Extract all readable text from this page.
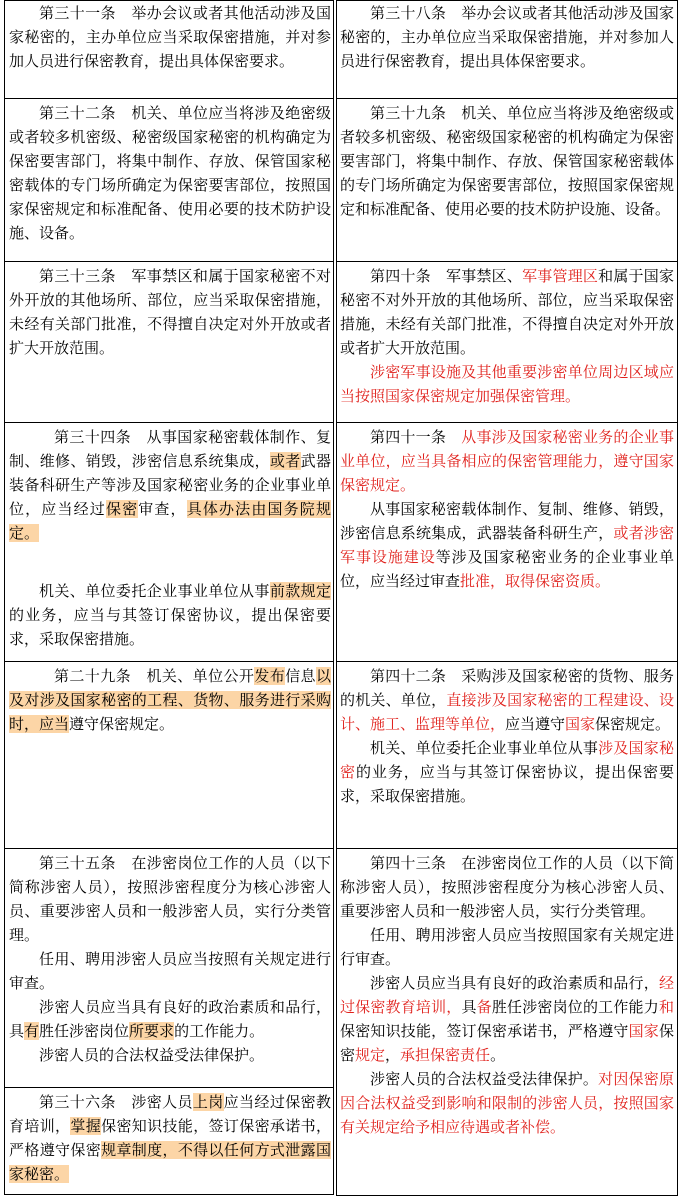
第三十一条　举办会议或者其他活动涉及国家秘密的，主办单位应当采取保密措施，并对参加人员进行保密教育，提出具体保密要求。

第三十二条　机关、单位应当将涉及绝密级或者较多机密级、秘密级国家秘密的机构确定为保密要害部门，将集中制作、存放、保管国家秘密载体的专门场所确定为保密要害部位，按照国家保密规定和标准配备、使用必要的技术防护设施、设备。

第三十三条　军事禁区和属于国家秘密不对外开放的其他场所、部位，应当采取保密措施，未经有关部门批准，不得擅自决定对外开放或者扩大开放范围。

第三十四条　从事国家秘密载体制作、复制、维修、销毁，涉密信息系统集成，或者武器装备科研生产等涉及国家秘密业务的企业事业单位，应当经过保密审查，具体办法由国务院规定。

机关、单位委托企业事业单位从事前款规定的业务，应当与其签订保密协议，提出保密要求，采取保密措施。

第二十九条　机关、单位公开发布信息以及对涉及国家秘密的工程、货物、服务进行采购时，应当遵守保密规定。

第三十五条　在涉密岗位工作的人员（以下简称涉密人员），按照涉密程度分为核心涉密人员、重要涉密人员和一般涉密人员，实行分类管理。

任用、聘用涉密人员应当按照有关规定进行审查。

涉密人员应当具有良好的政治素质和品行，具有胜任涉密岗位所要求的工作能力。

涉密人员的合法权益受法律保护。

第三十六条　涉密人员上岗应当经过保密教育培训，掌握保密知识技能，签订保密承诺书，严格遵守保密规章制度，不得以任何方式泄露国家秘密。

第三十八条　举办会议或者其他活动涉及国家秘密的，主办单位应当采取保密措施，并对参加人员进行保密教育，提出具体保密要求。

第三十九条　机关、单位应当将涉及绝密级或者较多机密级、秘密级国家秘密的机构确定为保密要害部门，将集中制作、存放、保管国家秘密载体的专门场所确定为保密要害部位，按照国家保密规定和标准配备、使用必要的技术防护设施、设备。

第四十条　军事禁区、军事管理区和属于国家秘密不对外开放的其他场所、部位，应当采取保密措施，未经有关部门批准，不得擅自决定对外开放或者扩大开放范围。

涉密军事设施及其他重要涉密单位周边区域应当按照国家保密规定加强保密管理。

第四十一条　从事涉及国家秘密业务的企业事业单位，应当具备相应的保密管理能力，遵守国家保密规定。

从事国家秘密载体制作、复制、维修、销毁，涉密信息系统集成，武器装备科研生产，或者涉密军事设施建设等涉及国家秘密业务的企业事业单位，应当经过审查批准，取得保密资质。

第四十二条　采购涉及国家秘密的货物、服务的机关、单位，直接涉及国家秘密的工程建设、设计、施工、监理等单位，应当遵守国家保密规定。

机关、单位委托企业事业单位从事涉及国家秘密的业务，应当与其签订保密协议，提出保密要求，采取保密措施。

第四十三条　在涉密岗位工作的人员（以下简称涉密人员），按照涉密程度分为核心涉密人员、重要涉密人员和一般涉密人员，实行分类管理。

任用、聘用涉密人员应当按照国家有关规定进行审查。

涉密人员应当具有良好的政治素质和品行，经过保密教育培训，具备胜任涉密岗位的工作能力和保密知识技能，签订保密承诺书，严格遵守国家保密规定，承担保密责任。

涉密人员的合法权益受法律保护。对因保密原因合法权益受到影响和限制的涉密人员，按照国家有关规定给予相应待遇或者补偿。
